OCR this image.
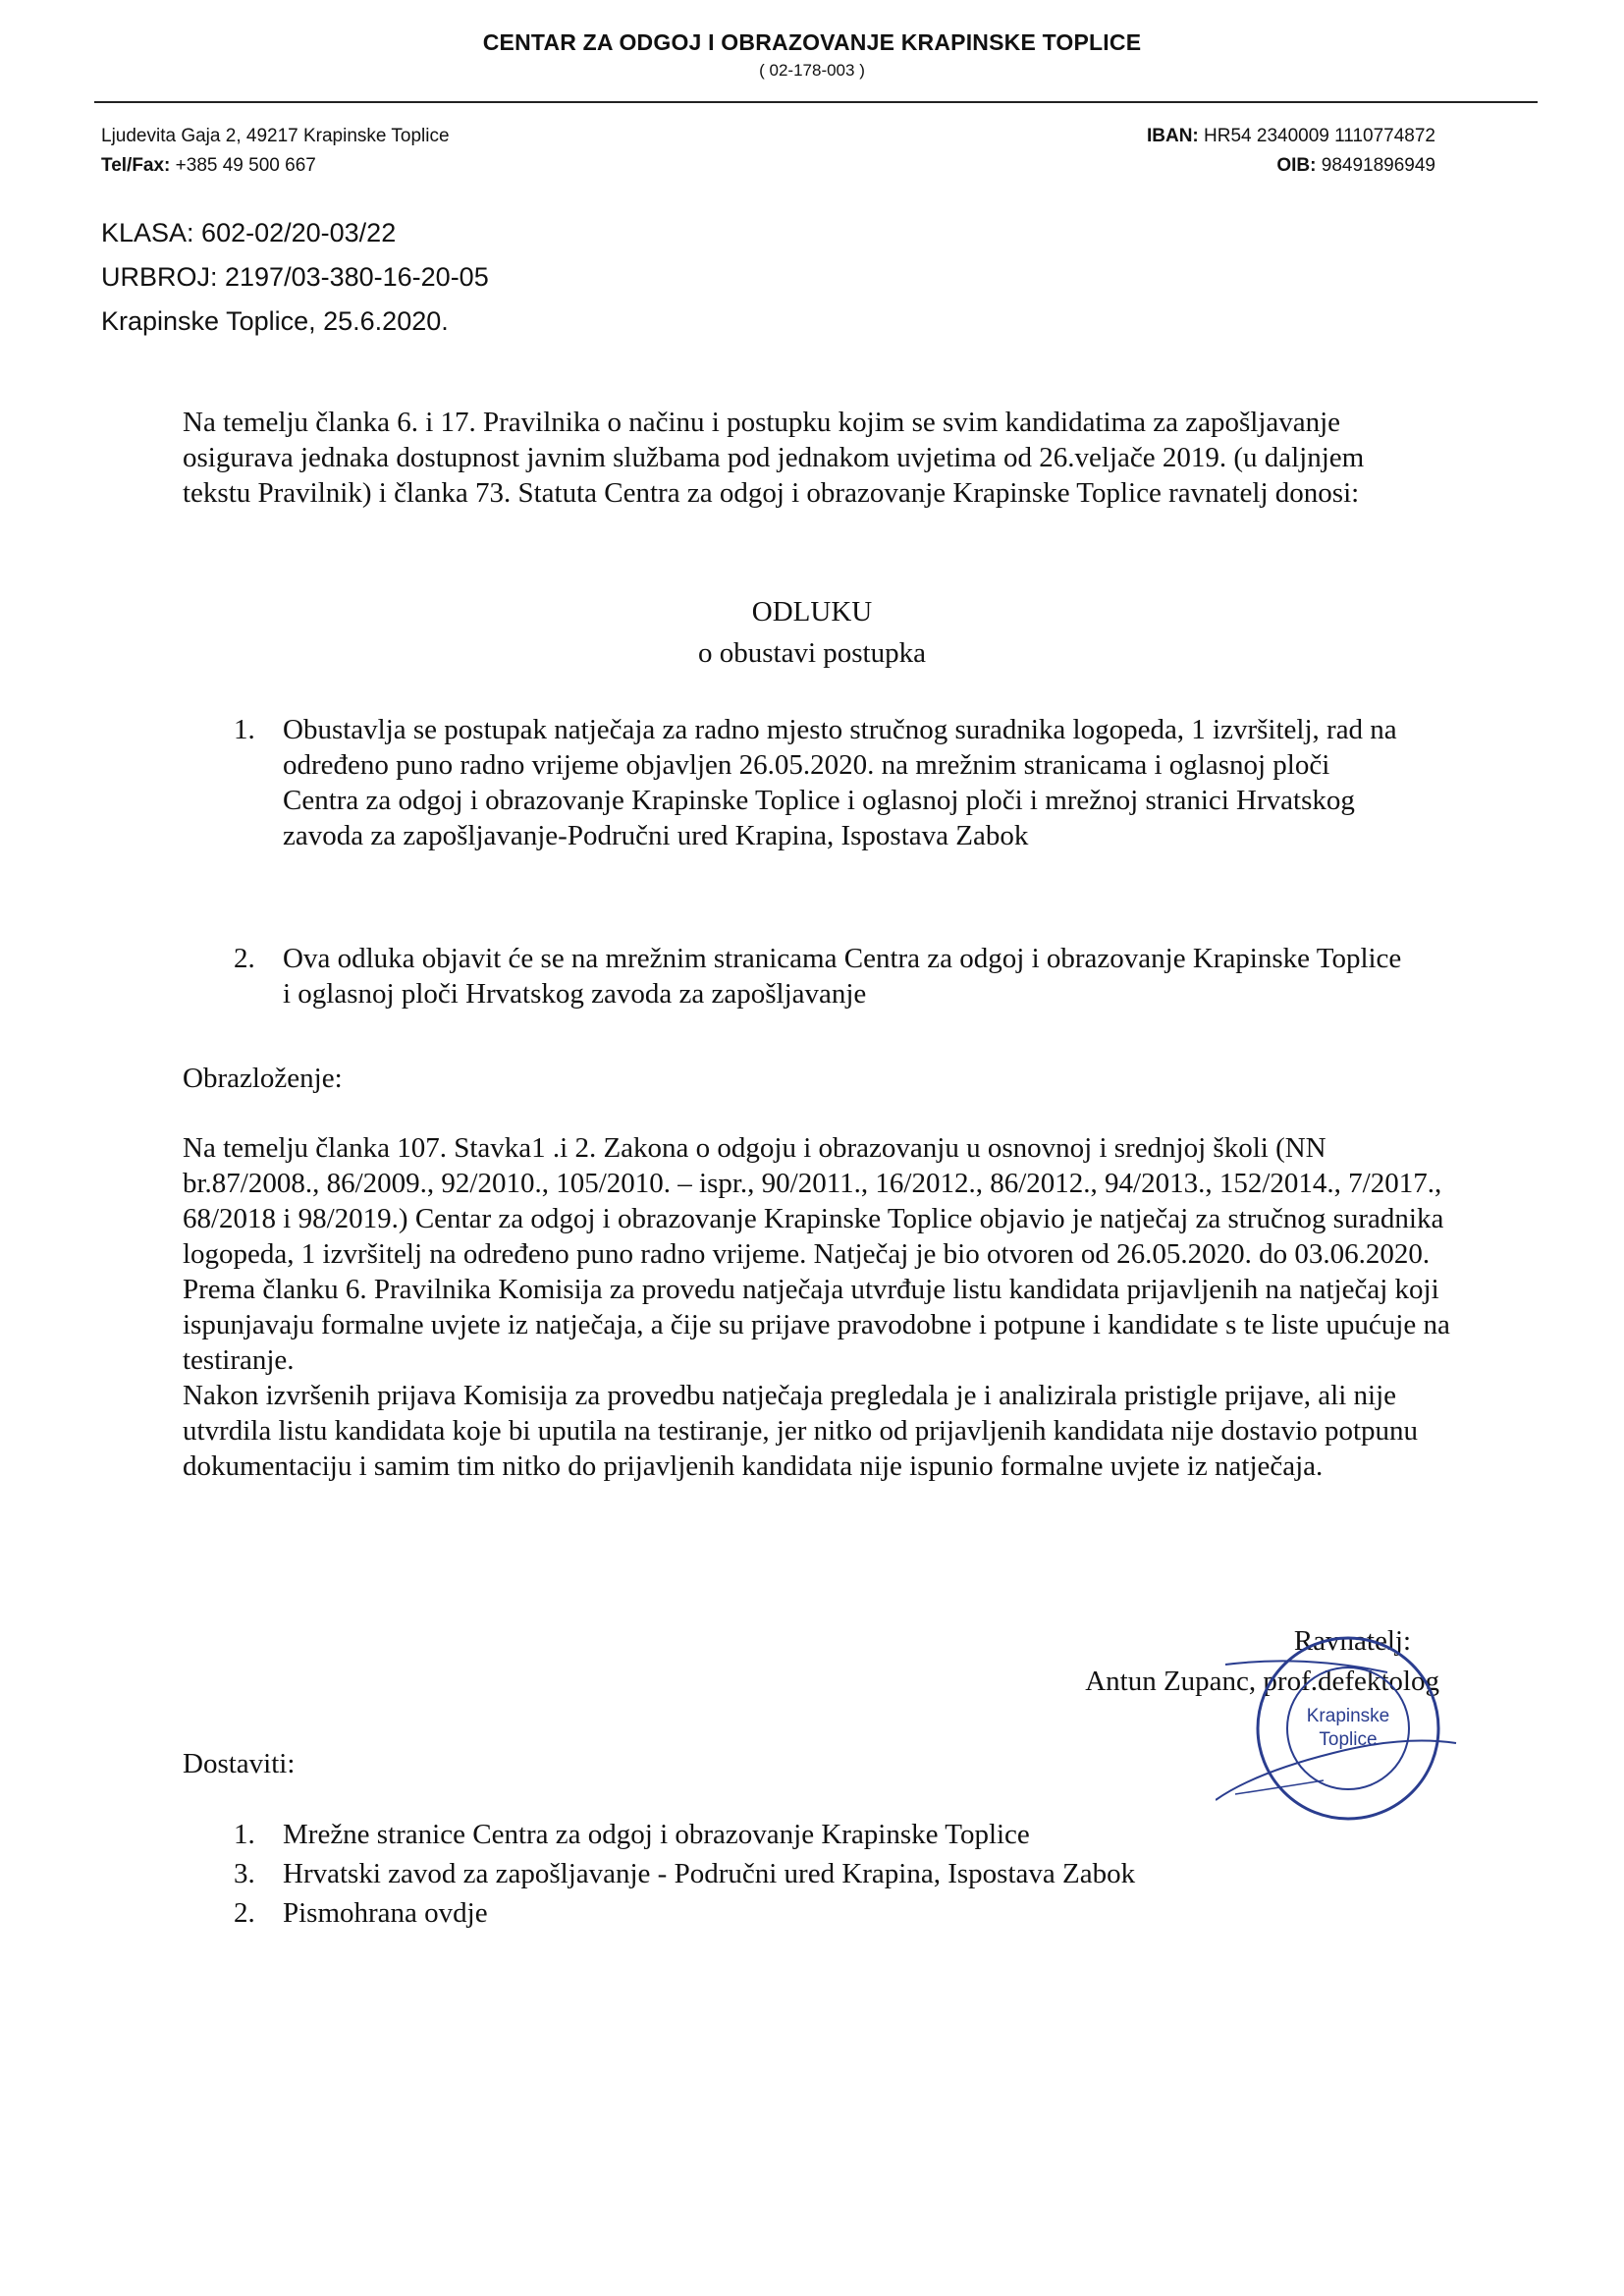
CENTAR ZA ODGOJ I OBRAZOVANJE KRAPINSKE TOPLICE
( 02-178-003 )
Ljudevita Gaja 2, 49217 Krapinske Toplice
Tel/Fax: +385 49 500 667
IBAN: HR54 2340009 1110774872
OIB: 98491896949
KLASA: 602-02/20-03/22
URBROJ: 2197/03-380-16-20-05
Krapinske Toplice, 25.6.2020.
Na temelju članka 6. i 17. Pravilnika o načinu i postupku kojim se svim kandidatima za zapošljavanje osigurava jednaka dostupnost javnim službama pod jednakom uvjetima od 26.veljače 2019. (u daljnjem tekstu Pravilnik) i članka 73. Statuta Centra za odgoj i obrazovanje Krapinske Toplice ravnatelj donosi:
ODLUKU
o obustavi postupka
1. Obustavlja se postupak natječaja za radno mjesto stručnog suradnika logopeda, 1 izvršitelj, rad na određeno puno radno vrijeme objavljen 26.05.2020. na mrežnim stranicama i oglasnoj ploči Centra za odgoj i obrazovanje Krapinske Toplice i oglasnoj ploči i mrežnoj stranici Hrvatskog zavoda za zapošljavanje-Područni ured Krapina, Ispostava Zabok
2. Ova odluka objavit će se na mrežnim stranicama Centra za odgoj i obrazovanje Krapinske Toplice i oglasnoj ploči Hrvatskog zavoda za zapošljavanje
Obrazloženje:
Na temelju članka 107. Stavka1 .i 2. Zakona o odgoju i obrazovanju u osnovnoj i srednjoj školi (NN br.87/2008., 86/2009., 92/2010., 105/2010. – ispr., 90/2011., 16/2012., 86/2012., 94/2013., 152/2014., 7/2017., 68/2018 i 98/2019.) Centar za odgoj i obrazovanje Krapinske Toplice objavio je natječaj za stručnog suradnika logopeda, 1 izvršitelj na određeno puno radno vrijeme. Natječaj je bio otvoren od 26.05.2020. do 03.06.2020.
Prema članku 6. Pravilnika Komisija za provedu natječaja utvrđuje listu kandidata prijavljenih na natječaj koji ispunjavaju formalne uvjete iz natječaja, a čije su prijave pravodobne i potpune i kandidate s te liste upućuje na testiranje.
Nakon izvršenih prijava Komisija za provedbu natječaja pregledala je i analizirala pristigle prijave, ali nije utvrdila listu kandidata koje bi uputila na testiranje, jer nitko od prijavljenih kandidata nije dostavio potpunu dokumentaciju i samim tim nitko do prijavljenih kandidata nije ispunio formalne uvjete iz natječaja.
Ravnatelj:
Antun Zupanc, prof.defektolog
Krapinske
Toplice
Dostaviti:
1. Mrežne stranice Centra za odgoj i obrazovanje Krapinske Toplice
3. Hrvatski zavod za zapošljavanje - Područni ured Krapina, Ispostava Zabok
2. Pismohrana ovdje
